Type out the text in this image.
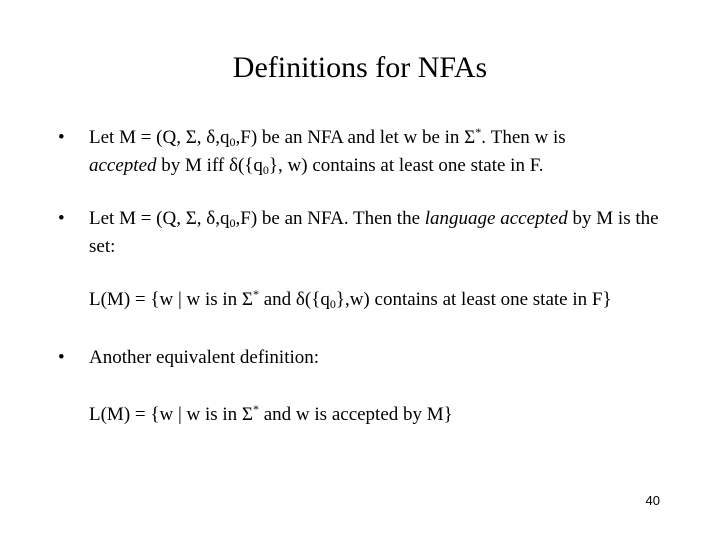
Definitions for NFAs
• Let M = (Q, Σ, $\delta,q_0,F$) be an NFA and let w be in Σ*. Then w is
accepted by M iff $\delta(\{q_0\}$, w) contains at least one state in F.
• Let M = (Q, Σ, $\delta,q_0,F$) be an NFA. Then the language accepted by M is the set:
L(M) = {w | w is in Σ* and $\delta(\{q_0\},w)$ contains at least one state in F}
• Another equivalent definition:
L(M) = {w | w is in Σ* and w is accepted by M}
40
